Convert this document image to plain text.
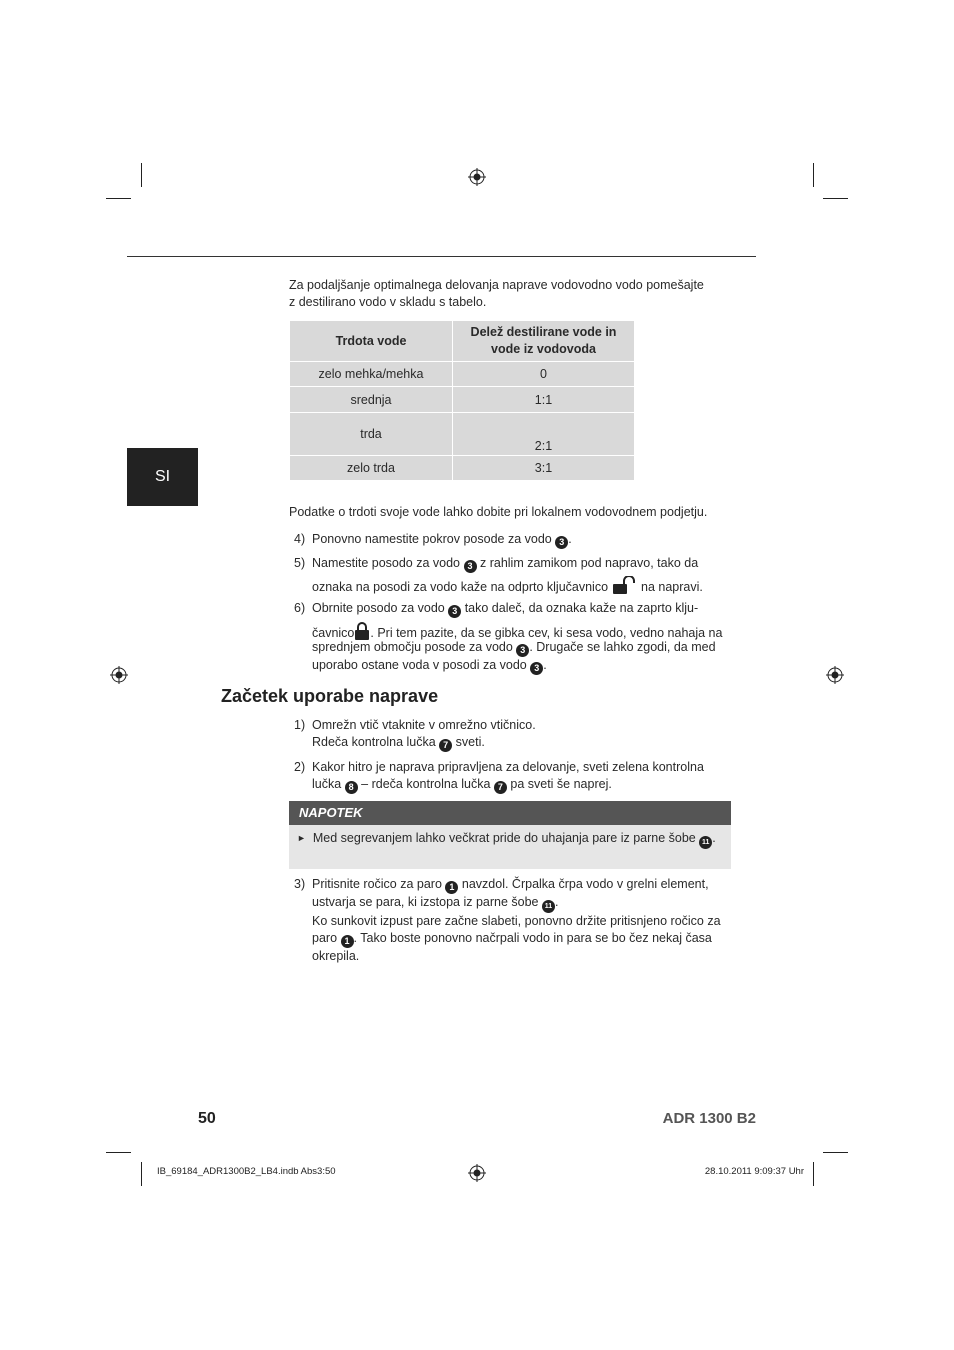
SI
Za podaljšanje optimalnega delovanja naprave vodovodno vodo pomešajte
z destilirano vodo v skladu s tabelo.
Trdota vode	Delež destilirane vode in vode iz vodovoda
zelo mehka/mehka	0
srednja	1:1
trda	2:1
zelo trda	3:1
Podatke o trdoti svoje vode lahko dobite pri lokalnem vodovodnem podjetju.
4) Ponovno namestite pokrov posode za vodo 3 .
5) Namestite posodo za vodo 3 z rahlim zamikom pod napravo, tako da
oznaka na posodi za vodo kaže na odprto ključavnico	na napravi.
6) Obrnite posodo za vodo 3 tako daleč, da oznaka kaže na zaprto klju-
čavnico . Pri tem pazite, da se gibka cev, ki sesa vodo, vedno nahaja na
sprednjem območju posode za vodo 3 . Drugače se lahko zgodi, da med
uporabo ostane voda v posodi za vodo 3 .
Začetek uporabe naprave
1) Omrežn vtič vtaknite v omrežno vtičnico.
Rdeča kontrolna lučka 7 sveti.
2) Kakor hitro je naprava pripravljena za delovanje, sveti zelena kontrolna
lučka 8 – rdeča kontrolna lučka 7 pa sveti še naprej.
NAPOTEK
► Med segrevanjem lahko večkrat pride do uhajanja pare iz parne šobe 11 .
3) Pritisnite ročico za paro 1 navzdol. Črpalka črpa vodo v grelni element,
ustvarja se para, ki izstopa iz parne šobe 11 .
Ko sunkovit izpust pare začne slabeti, ponovno držite pritisnjeno ročico za
paro 1 . Tako boste ponovno načrpali vodo in para se bo čez nekaj časa
okrepila.
50	ADR 1300 B2
IB_69184_ADR1300B2_LB4.indb Abs3:50	28.10.2011 9:09:37 Uhr
